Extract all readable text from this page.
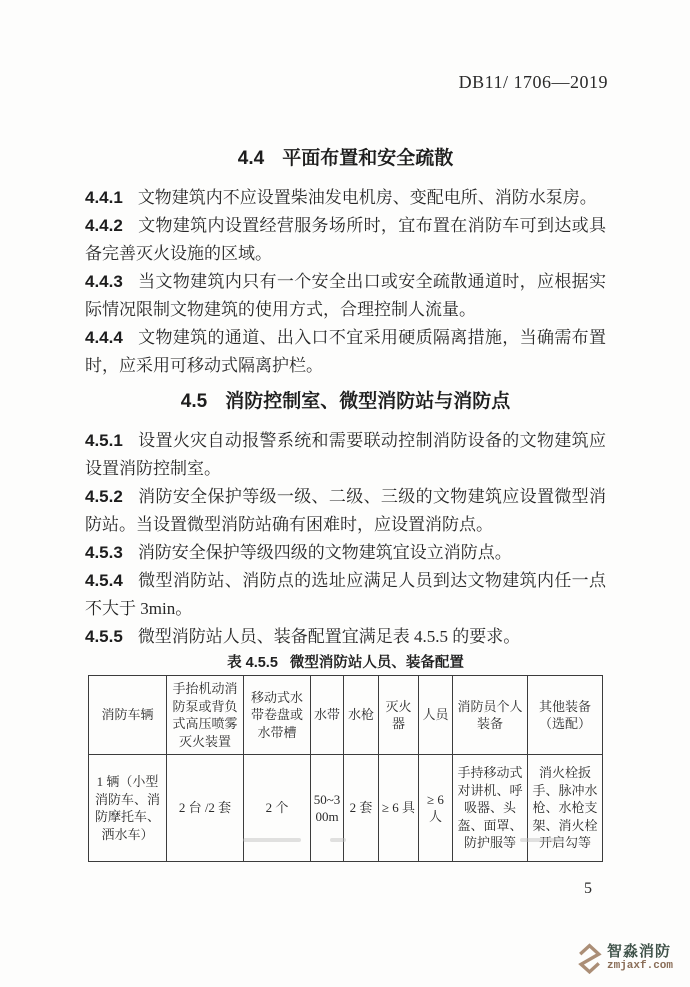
DB11/ 1706—2019
4.4 平面布置和安全疏散

4.4.1 文物建筑内不应设置柴油发电机房、变配电所、消防水泵房。

4.4.2 文物建筑内设置经营服务场所时，宜布置在消防车可到达或具备完善灭火设施的区域。

4.4.3 当文物建筑内只有一个安全出口或安全疏散通道时，应根据实际情况限制文物建筑的使用方式，合理控制人流量。

4.4.4 文物建筑的通道、出入口不宜采用硬质隔离措施，当确需布置时，应采用可移动式隔离护栏。

4.5 消防控制室、微型消防站与消防点

4.5.1 设置火灾自动报警系统和需要联动控制消防设备的文物建筑应设置消防控制室。

4.5.2 消防安全保护等级一级、二级、三级的文物建筑应设置微型消防站。当设置微型消防站确有困难时，应设置消防点。

4.5.3 消防安全保护等级四级的文物建筑宜设立消防点。

4.5.4 微型消防站、消防点的选址应满足人员到达文物建筑内任一点不大于 3min。

4.5.5 微型消防站人员、装备配置宜满足表 4.5.5 的要求。

表 4.5.5 微型消防站人员、装备配置
消防车辆	手抬机动消防泵或背负式高压喷雾灭火装置	移动式水带卷盘或水带槽	水带	水枪	灭火器	人员	消防员个人装备	其他装备（选配）
1 辆（小型消防车、消防摩托车、洒水车）	2 台 /2 套	2 个	50~300m	2 套	≥ 6 具	≥ 6 人	手持移动式对讲机、呼吸器、头盔、面罩、防护服等	消火栓扳手、脉冲水枪、水枪支架、消火栓开启勾等
5
智淼消防
zmjaxf.com
